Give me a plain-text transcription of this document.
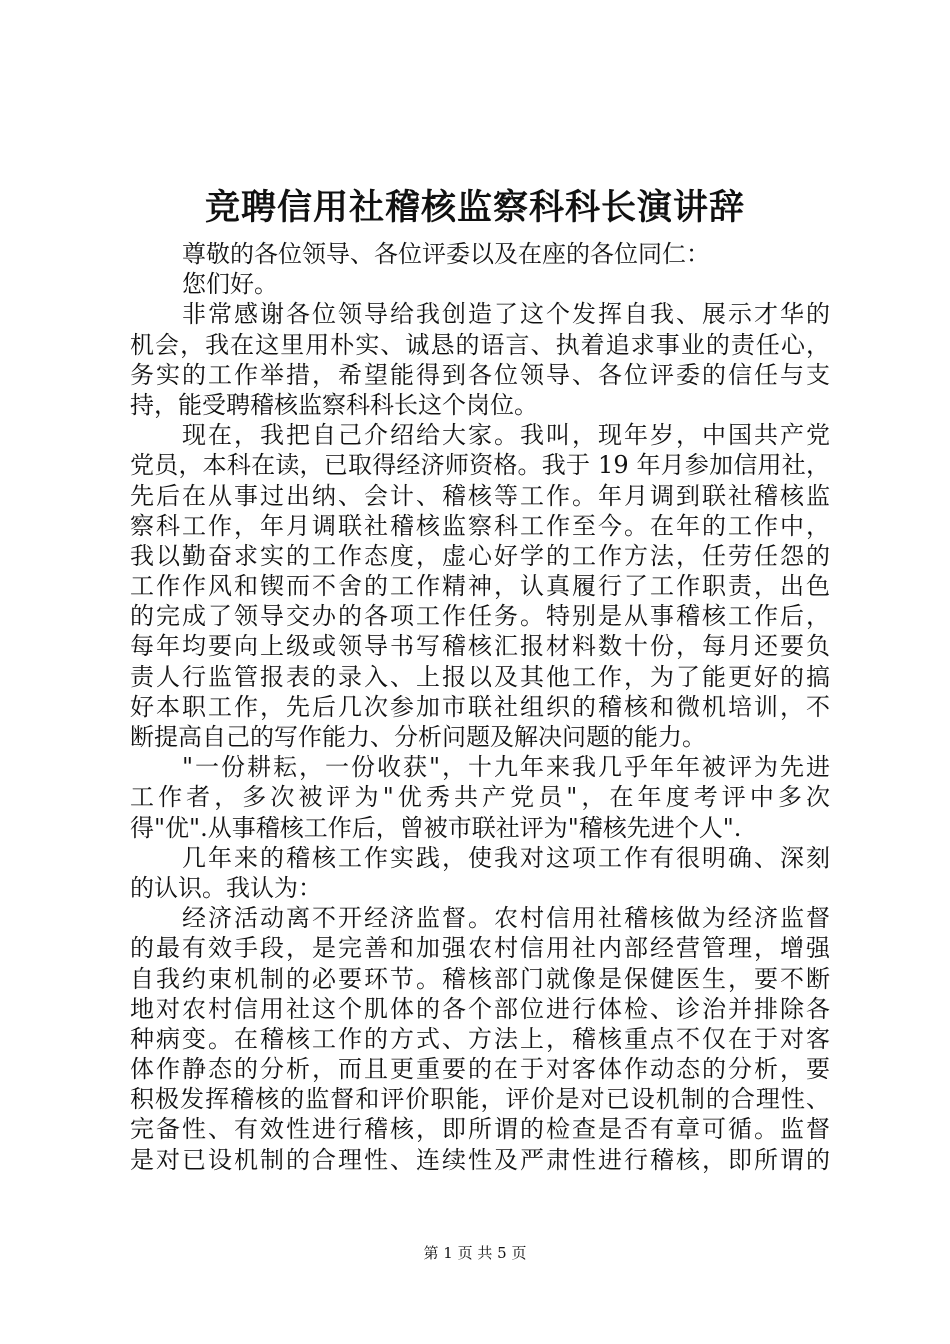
竞聘信用社稽核监察科科长演讲辞
尊敬的各位领导、各位评委以及在座的各位同仁：
您们好。
非常感谢各位领导给我创造了这个发挥自我、展示才华的
机会，我在这里用朴实、诚恳的语言、执着追求事业的责任心，
务实的工作举措，希望能得到各位领导、各位评委的信任与支
持，能受聘稽核监察科科长这个岗位。
现在，我把自己介绍给大家。我叫，现年岁，中国共产党
党员，本科在读，已取得经济师资格。我于 19 年月参加信用社，
先后在从事过出纳、会计、稽核等工作。年月调到联社稽核监
察科工作，年月调联社稽核监察科工作至今。在年的工作中，
我以勤奋求实的工作态度，虚心好学的工作方法，任劳任怨的
工作作风和锲而不舍的工作精神，认真履行了工作职责，出色
的完成了领导交办的各项工作任务。特别是从事稽核工作后，
每年均要向上级或领导书写稽核汇报材料数十份，每月还要负
责人行监管报表的录入、上报以及其他工作，为了能更好的搞
好本职工作，先后几次参加市联社组织的稽核和微机培训，不
断提高自己的写作能力、分析问题及解决问题的能力。
"一份耕耘，一份收获"，十九年来我几乎年年被评为先进
工作者，多次被评为"优秀共产党员"，在年度考评中多次
得"优".从事稽核工作后，曾被市联社评为"稽核先进个人".
几年来的稽核工作实践，使我对这项工作有很明确、深刻
的认识。我认为：
经济活动离不开经济监督。农村信用社稽核做为经济监督
的最有效手段，是完善和加强农村信用社内部经营管理，增强
自我约束机制的必要环节。稽核部门就像是保健医生，要不断
地对农村信用社这个肌体的各个部位进行体检、诊治并排除各
种病变。在稽核工作的方式、方法上，稽核重点不仅在于对客
体作静态的分析，而且更重要的在于对客体作动态的分析，要
积极发挥稽核的监督和评价职能，评价是对已设机制的合理性、
完备性、有效性进行稽核，即所谓的检查是否有章可循。监督
是对已设机制的合理性、连续性及严肃性进行稽核，即所谓的
第 1 页 共 5 页
